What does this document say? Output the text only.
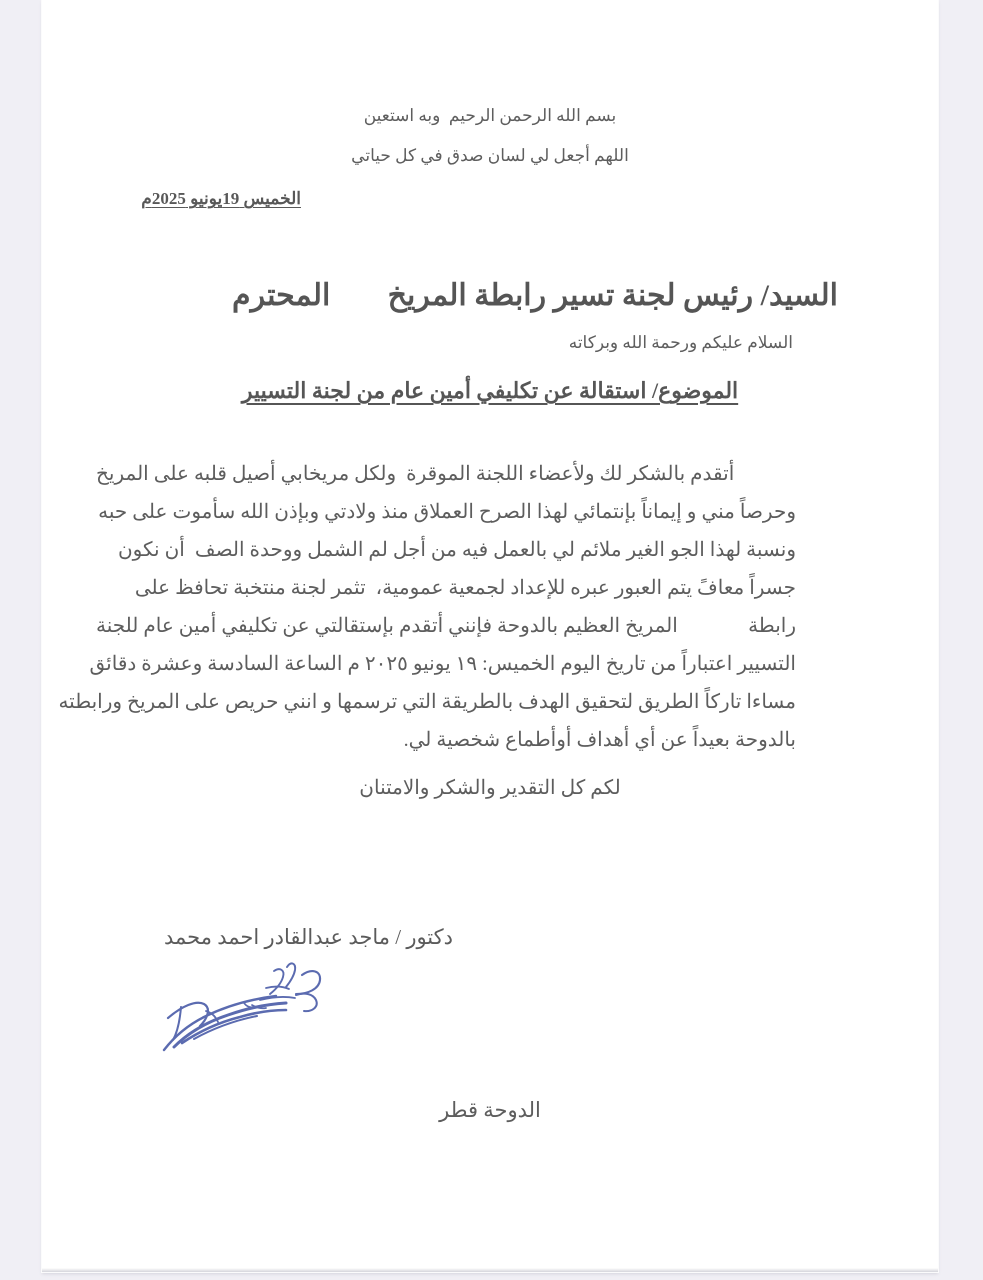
بسم الله الرحمن الرحيم  وبه استعين
اللهم أجعل لي لسان صدق في كل حياتي
الخميس 19يونيو 2025م
السيد/ رئيس لجنة تسير رابطة المريخ
المحترم
السلام عليكم ورحمة الله وبركاته
الموضوع/ استقالة عن تكليفي أمين عام من لجنة التسيير
أتقدم بالشكر لك ولأعضاء اللجنة الموقرة  ولكل مريخابي أصيل قلبه على المريخ
وحرصاً مني و إيماناً بإنتمائي لهذا الصرح العملاق منذ ولادتي وبإذن الله سأموت على حبه
ونسبة لهذا الجو الغير ملائم لي بالعمل فيه من أجل لم الشمل ووحدة الصف  أن نكون
جسراً معافً يتم العبور عبره للإعداد لجمعية عمومية،  تثمر لجنة منتخبة تحافظ على
رابطة
المريخ العظيم بالدوحة فإنني أتقدم بإستقالتي عن تكليفي أمين عام للجنة
التسيير اعتباراً من تاريخ اليوم الخميس: ١٩ يونيو ٢٠٢٥ م الساعة السادسة وعشرة دقائق
مساءا تاركاً الطريق لتحقيق الهدف بالطريقة التي ترسمها و انني حريص على المريخ ورابطته
بالدوحة بعيداً عن أي أهداف أوأطماع شخصية لي.
لكم كل التقدير والشكر والامتنان
دكتور / ماجد عبدالقادر احمد محمد
الدوحة قطر
